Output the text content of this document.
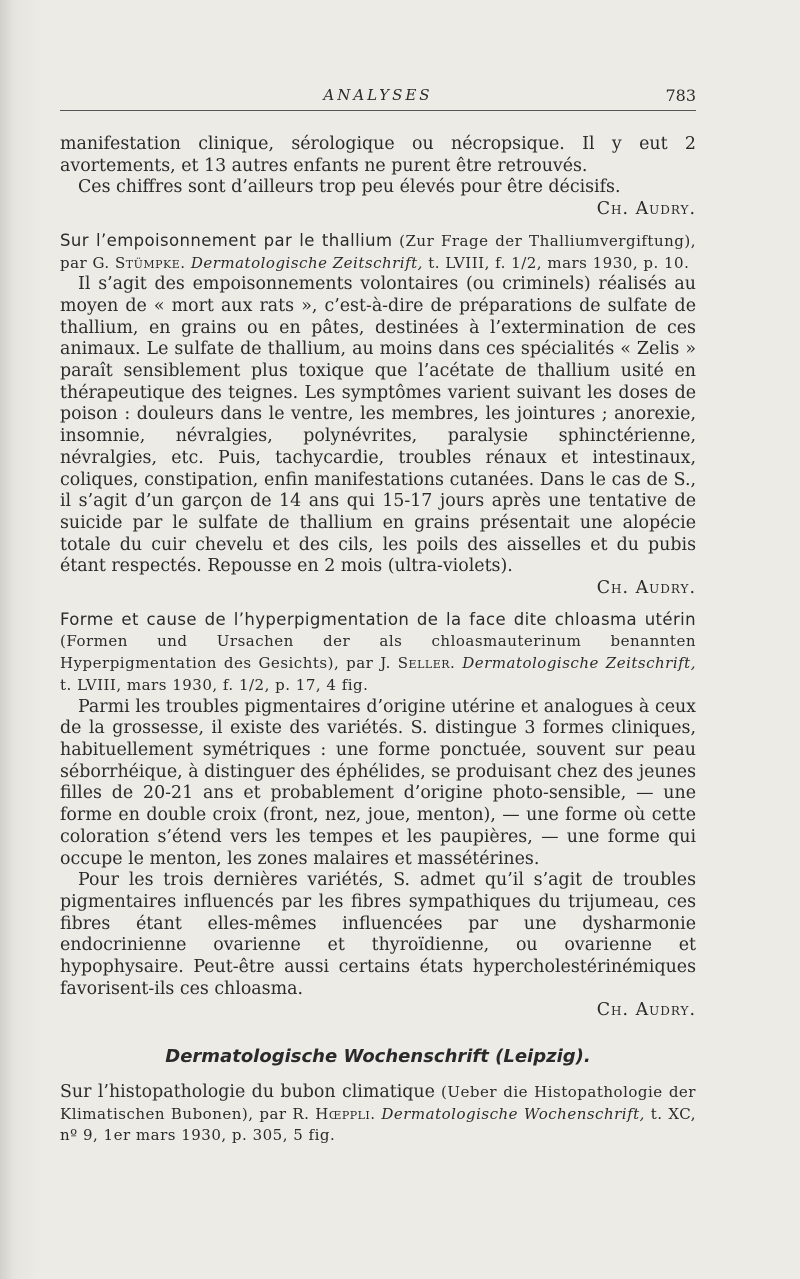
ANALYSES	783

manifestation clinique, sérologique ou nécropsique. Il y eut 2 avortements, et 13 autres enfants ne purent être retrouvés.

Ces chiffres sont d’ailleurs trop peu élevés pour être décisifs.

Ch. Audry.

Sur l’empoisonnement par le thallium (Zur Frage der Thalliumvergiftung), par G. Stümpke. Dermatologische Zeitschrift, t. LVIII, f. 1/2, mars 1930, p. 10.

Il s’agit des empoisonnements volontaires (ou criminels) réalisés au moyen de « mort aux rats », c’est-à-dire de préparations de sulfate de thallium, en grains ou en pâtes, destinées à l’extermination de ces animaux. Le sulfate de thallium, au moins dans ces spécialités « Zelis » paraît sensiblement plus toxique que l’acétate de thallium usité en thérapeutique des teignes. Les symptômes varient suivant les doses de poison : douleurs dans le ventre, les membres, les jointures ; anorexie, insomnie, névralgies, polynévrites, paralysie sphinctérienne, névralgies, etc. Puis, tachycardie, troubles rénaux et intestinaux, coliques, constipation, enfin manifestations cutanées. Dans le cas de S., il s’agit d’un garçon de 14 ans qui 15-17 jours après une tentative de suicide par le sulfate de thallium en grains présentait une alopécie totale du cuir chevelu et des cils, les poils des aisselles et du pubis étant respectés. Repousse en 2 mois (ultra-violets).

Ch. Audry.

Forme et cause de l’hyperpigmentation de la face dite chloasma utérin (Formen und Ursachen der als chloasmauterinum benannten Hyperpigmentation des Gesichts), par J. Seller. Dermatologische Zeitschrift, t. LVIII, mars 1930, f. 1/2, p. 17, 4 fig.

Parmi les troubles pigmentaires d’origine utérine et analogues à ceux de la grossesse, il existe des variétés. S. distingue 3 formes cliniques, habituellement symétriques : une forme ponctuée, souvent sur peau séborrhéique, à distinguer des éphélides, se produisant chez des jeunes filles de 20-21 ans et probablement d’origine photo-sensible, — une forme en double croix (front, nez, joue, menton), — une forme où cette coloration s’étend vers les tempes et les paupières, — une forme qui occupe le menton, les zones malaires et massétérines.

Pour les trois dernières variétés, S. admet qu’il s’agit de troubles pigmentaires influencés par les fibres sympathiques du trijumeau, ces fibres étant elles-mêmes influencées par une dysharmonie endocrinienne ovarienne et thyroïdienne, ou ovarienne et hypophysaire. Peut-être aussi certains états hypercholestérinémiques favorisent-ils ces chloasma.

Ch. Audry.

Dermatologische Wochenschrift (Leipzig).

Sur l’histopathologie du bubon climatique (Ueber die Histopathologie der Klimatischen Bubonen), par R. Hœppli. Dermatologische Wochenschrift, t. XC, nº 9, 1er mars 1930, p. 305, 5 fig.
